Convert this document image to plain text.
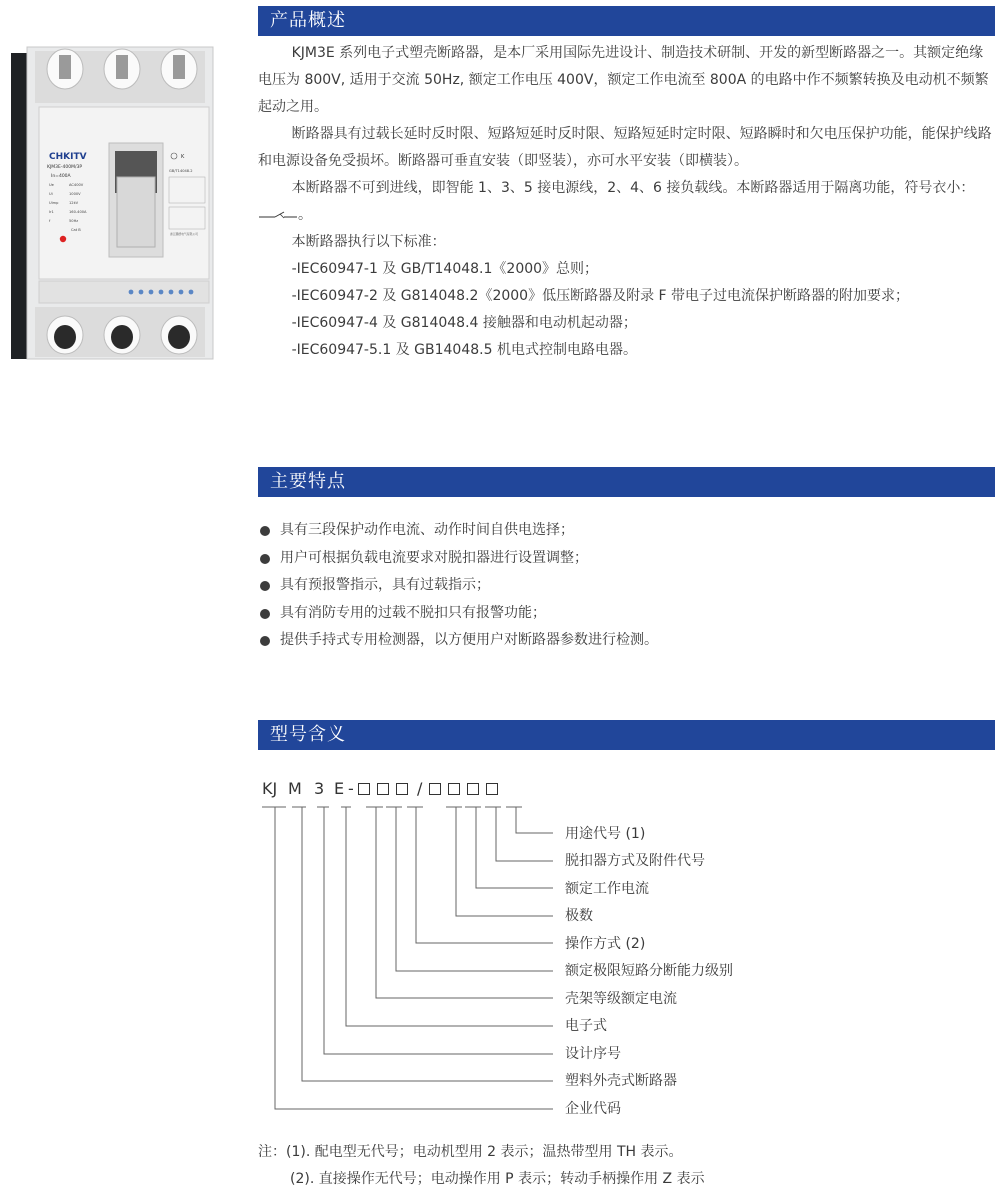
产品概述
CHKITV
KJM3E-400M/3P
In=400A
Ue	AC400V
Ui	1000V
Uimp	12kV
Ir1	160-400A
f	50Hz
Cat B
K
GB/T14048.2
浙江鹏德电气有限公司

KJM3E 系列电子式塑壳断路器，是本厂采用国际先进设计、制造技术研制、开发的新型断路器之一。其额定绝缘电压为 800V, 适用于交流 50Hz, 额定工作电压 400V，额定工作电流至 800A 的电路中作不频繁转换及电动机不频繁起动之用。

断路器具有过载长延时反时限、短路短延时反时限、短路短延时定时限、短路瞬时和欠电压保护功能，能保护线路和电源设备免受损坏。断路器可垂直安装（即竖装），亦可水平安装（即横装）。

本断路器不可到进线，即智能 1、3、5 接电源线，2、4、6 接负载线。本断路器适用于隔离功能，符号衣小：。

本断路器执行以下标准：

-IEC60947-1 及 GB/T14048.1《2000》总则；

-IEC60947-2 及 G814048.2《2000》低压断路器及附录 F 带电子过电流保护断路器的附加要求；

-IEC60947-4 及 G814048.4 接触器和电动机起动器；

-IEC60947-5.1 及 GB14048.5 机电式控制电路电器。

主要特点
具有三段保护动作电流、动作时间自供电选择；
用户可根据负载电流要求对脱扣器进行设置调整；
具有预报警指示，具有过载指示；
具有消防专用的过载不脱扣只有报警功能；
提供手持式专用检测器，以方便用户对断路器参数进行检测。
型号含义
KJ M 3 E -	/
用途代号 (1)
脱扣器方式及附件代号
额定工作电流
极数
操作方式 (2)
额定极限短路分断能力级别
壳架等级额定电流
电子式
设计序号
塑料外壳式断路器
企业代码
注：(1). 配电型无代号；电动机型用 2 表示；温热带型用 TH 表示。
(2). 直接操作无代号；电动操作用 P 表示；转动手柄操作用 Z 表示
